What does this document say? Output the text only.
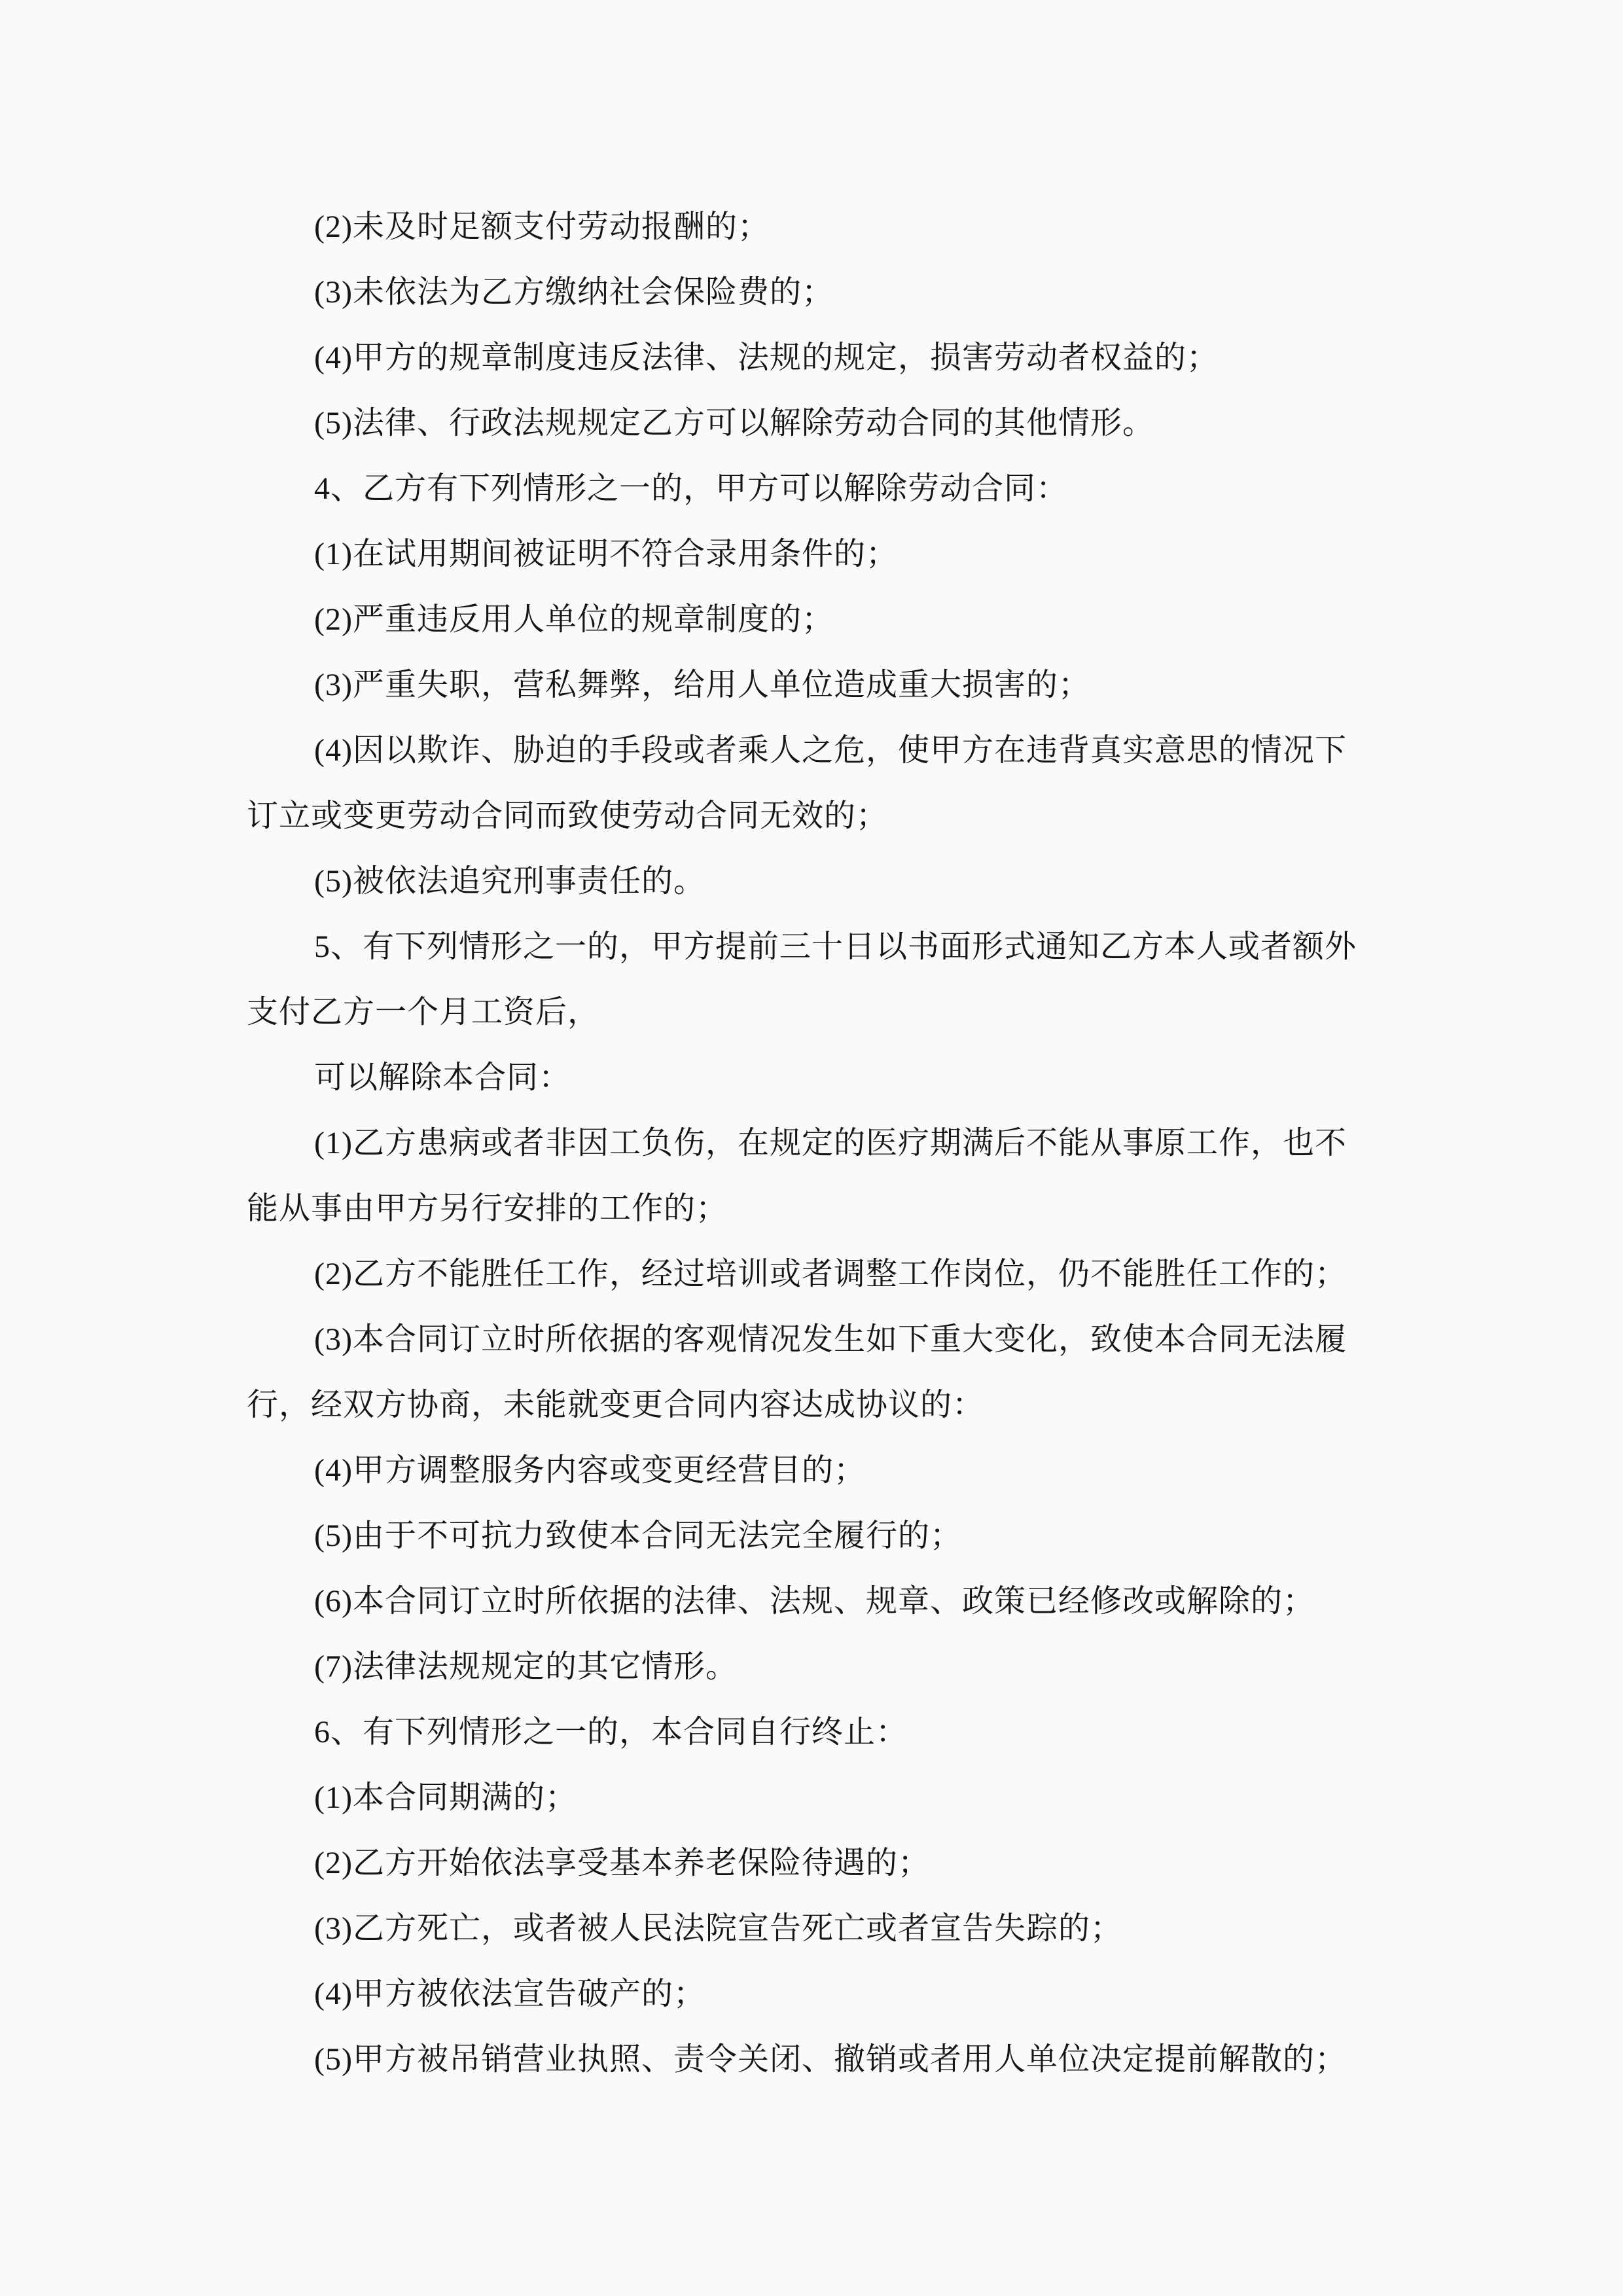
(2)未及时足额支付劳动报酬的；
(3)未依法为乙方缴纳社会保险费的；
(4)甲方的规章制度违反法律、法规的规定，损害劳动者权益的；
(5)法律、行政法规规定乙方可以解除劳动合同的其他情形。
4、乙方有下列情形之一的，甲方可以解除劳动合同：
(1)在试用期间被证明不符合录用条件的；
(2)严重违反用人单位的规章制度的；
(3)严重失职，营私舞弊，给用人单位造成重大损害的；
(4)因以欺诈、胁迫的手段或者乘人之危，使甲方在违背真实意思的情况下
订立或变更劳动合同而致使劳动合同无效的；
(5)被依法追究刑事责任的。
5、有下列情形之一的，甲方提前三十日以书面形式通知乙方本人或者额外
支付乙方一个月工资后，
可以解除本合同：
(1)乙方患病或者非因工负伤，在规定的医疗期满后不能从事原工作，也不
能从事由甲方另行安排的工作的；
(2)乙方不能胜任工作，经过培训或者调整工作岗位，仍不能胜任工作的；
(3)本合同订立时所依据的客观情况发生如下重大变化，致使本合同无法履
行，经双方协商，未能就变更合同内容达成协议的：
(4)甲方调整服务内容或变更经营目的；
(5)由于不可抗力致使本合同无法完全履行的；
(6)本合同订立时所依据的法律、法规、规章、政策已经修改或解除的；
(7)法律法规规定的其它情形。
6、有下列情形之一的，本合同自行终止：
(1)本合同期满的；
(2)乙方开始依法享受基本养老保险待遇的；
(3)乙方死亡，或者被人民法院宣告死亡或者宣告失踪的；
(4)甲方被依法宣告破产的；
(5)甲方被吊销营业执照、责令关闭、撤销或者用人单位决定提前解散的；
